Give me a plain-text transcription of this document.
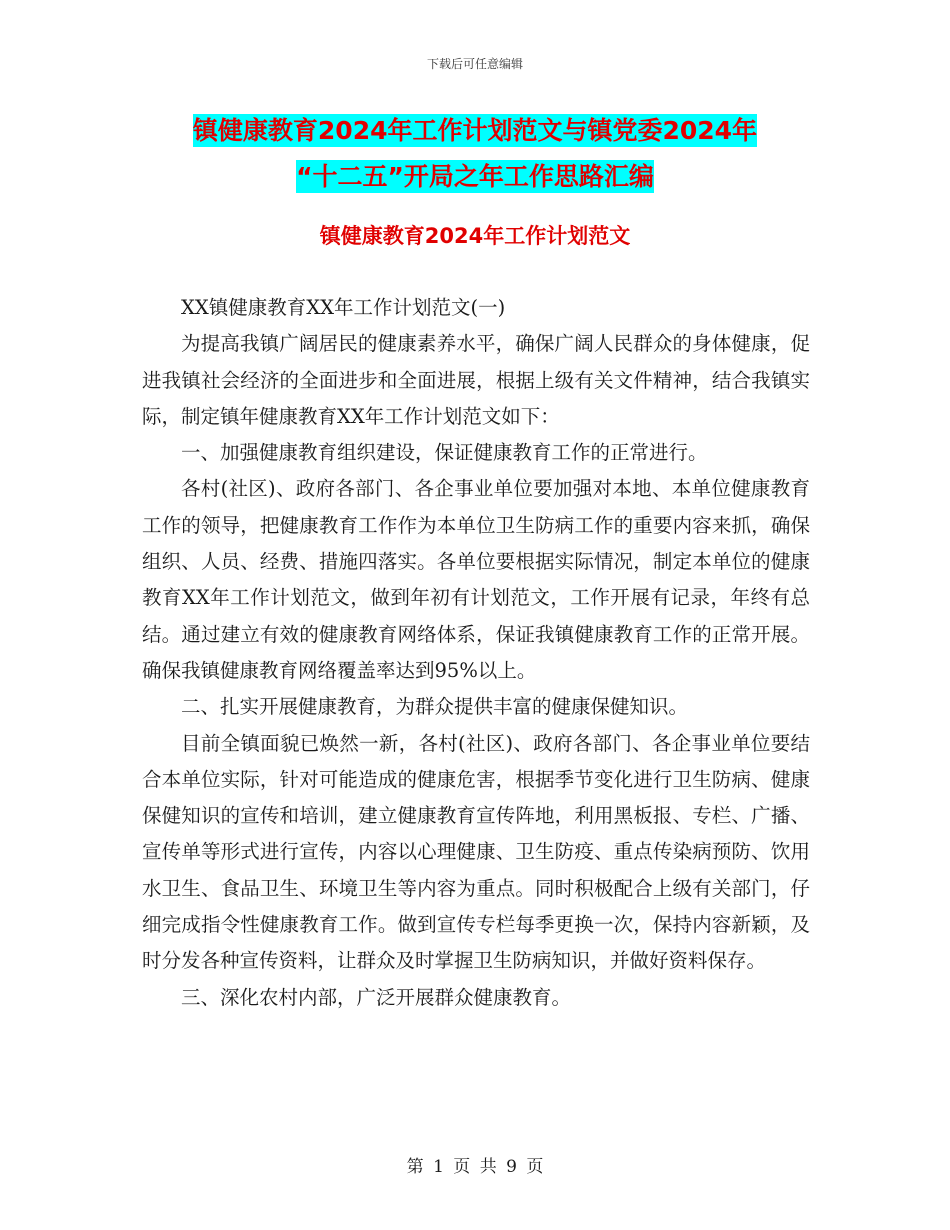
下载后可任意编辑
镇健康教育2024年工作计划范文与镇党委2024年
“十二五”开局之年工作思路汇编
镇健康教育2024年工作计划范文

XX镇健康教育XX年工作计划范文(一)

为提高我镇广阔居民的健康素养水平，确保广阔人民群众的身体健康，促进我镇社会经济的全面进步和全面进展，根据上级有关文件精神，结合我镇实际，制定镇年健康教育XX年工作计划范文如下：

一、加强健康教育组织建设，保证健康教育工作的正常进行。

各村(社区)、政府各部门、各企事业单位要加强对本地、本单位健康教育工作的领导，把健康教育工作作为本单位卫生防病工作的重要内容来抓，确保组织、人员、经费、措施四落实。各单位要根据实际情况，制定本单位的健康教育XX年工作计划范文，做到年初有计划范文，工作开展有记录，年终有总结。通过建立有效的健康教育网络体系，保证我镇健康教育工作的正常开展。确保我镇健康教育网络覆盖率达到95%以上。

二、扎实开展健康教育，为群众提供丰富的健康保健知识。

目前全镇面貌已焕然一新，各村(社区)、政府各部门、各企事业单位要结合本单位实际，针对可能造成的健康危害，根据季节变化进行卫生防病、健康保健知识的宣传和培训，建立健康教育宣传阵地，利用黑板报、专栏、广播、宣传单等形式进行宣传，内容以心理健康、卫生防疫、重点传染病预防、饮用水卫生、食品卫生、环境卫生等内容为重点。同时积极配合上级有关部门，仔细完成指令性健康教育工作。做到宣传专栏每季更换一次，保持内容新颖，及时分发各种宣传资料，让群众及时掌握卫生防病知识，并做好资料保存。

三、深化农村内部，广泛开展群众健康教育。

第 1 页 共 9 页
